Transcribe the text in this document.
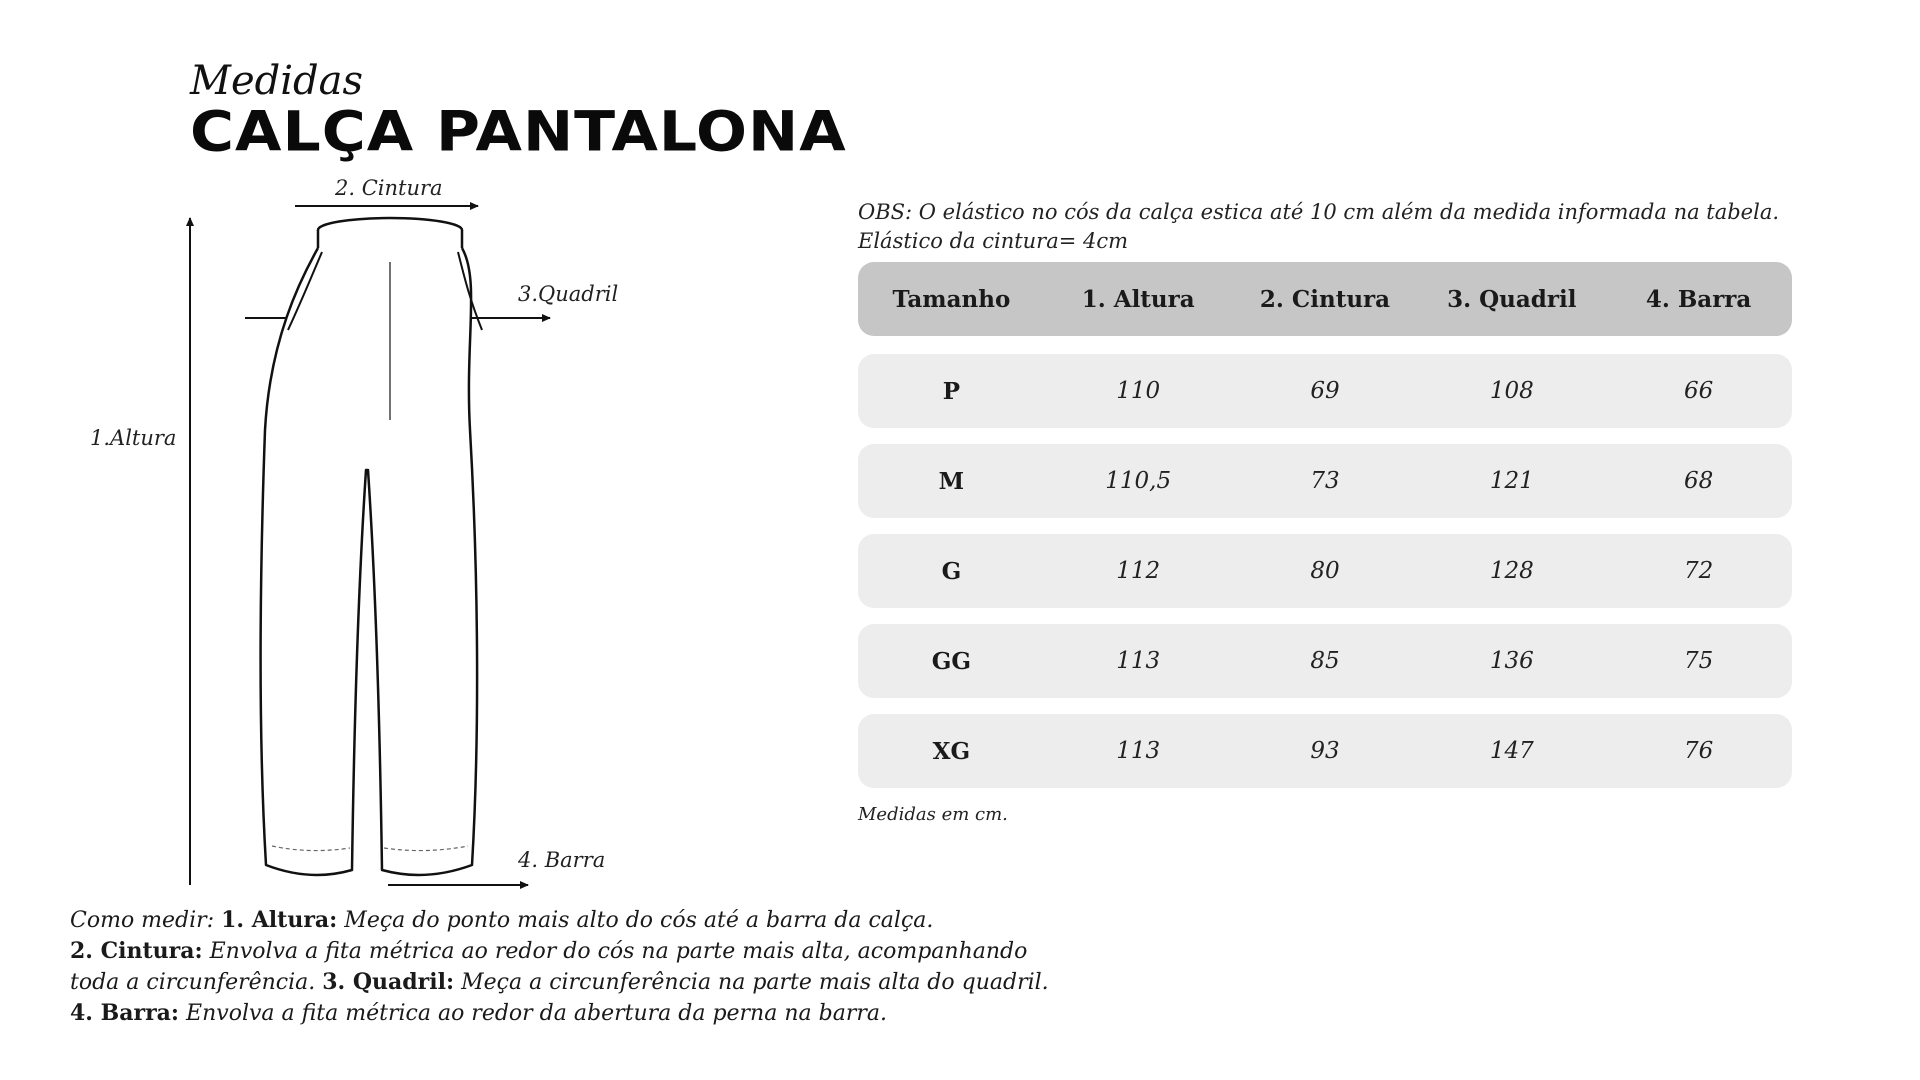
Medidas
CALÇA PANTALONA
2. Cintura
3.Quadril
1.Altura
4. Barra
OBS: O elástico no cós da calça estica até 10 cm além da medida informada na tabela.
Elástico da cintura= 4cm
Tamanho	1. Altura	2. Cintura	3. Quadril	4. Barra
P	110	69	108	66
M	110,5	73	121	68
G	112	80	128	72
GG	113	85	136	75
XG	113	93	147	76
Medidas em cm.
Como medir: 1. Altura: Meça do ponto mais alto do cós até a barra da calça.
2. Cintura: Envolva a fita métrica ao redor do cós na parte mais alta, acompanhando toda a circunferência. 3. Quadril: Meça a circunferência na parte mais alta do quadril. 4. Barra: Envolva a fita métrica ao redor da abertura da perna na barra.
